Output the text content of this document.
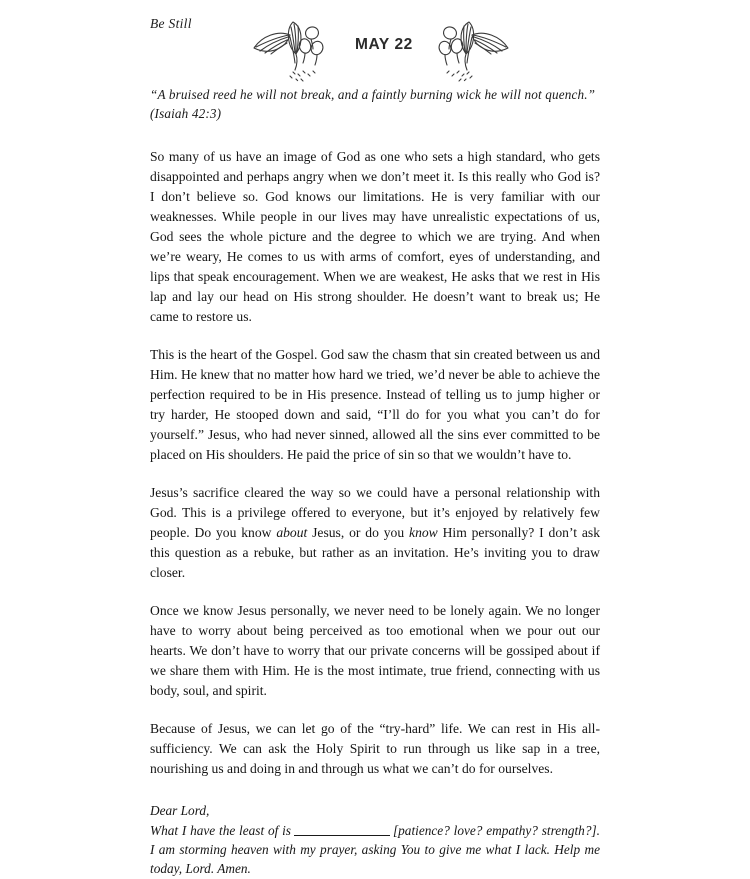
Be Still
MAY 22
“A bruised reed he will not break, and a faintly burning wick he will not quench.”
(Isaiah 42:3)

So many of us have an image of God as one who sets a high standard, who gets disappointed and perhaps angry when we don’t meet it. Is this really who God is? I don’t believe so. God knows our limitations. He is very familiar with our weaknesses. While people in our lives may have unrealistic expectations of us, God sees the whole picture and the degree to which we are trying. And when we’re weary, He comes to us with arms of comfort, eyes of understanding, and lips that speak encouragement. When we are weakest, He asks that we rest in His lap and lay our head on His strong shoulder. He doesn’t want to break us; He came to restore us.

This is the heart of the Gospel. God saw the chasm that sin created between us and Him. He knew that no matter how hard we tried, we’d never be able to achieve the perfection required to be in His presence. Instead of telling us to jump higher or try harder, He stooped down and said, “I’ll do for you what you can’t do for yourself.” Jesus, who had never sinned, allowed all the sins ever committed to be placed on His shoulders. He paid the price of sin so that we wouldn’t have to.

Jesus’s sacrifice cleared the way so we could have a personal relationship with God. This is a privilege offered to everyone, but it’s enjoyed by relatively few people. Do you know about Jesus, or do you know Him personally? I don’t ask this question as a rebuke, but rather as an invitation. He’s inviting you to draw closer.

Once we know Jesus personally, we never need to be lonely again. We no longer have to worry about being perceived as too emotional when we pour out our hearts. We don’t have to worry that our private concerns will be gossiped about if we share them with Him. He is the most intimate, true friend, connecting with us body, soul, and spirit.

Because of Jesus, we can let go of the “try-hard” life. We can rest in His all-sufficiency. We can ask the Holy Spirit to run through us like sap in a tree, nourishing us and doing in and through us what we can’t do for ourselves.

Dear Lord,
What I have the least of is	[patience? love? empathy? strength?]. I am storming heaven with my prayer, asking You to give me what I lack. Help me today, Lord. Amen.
